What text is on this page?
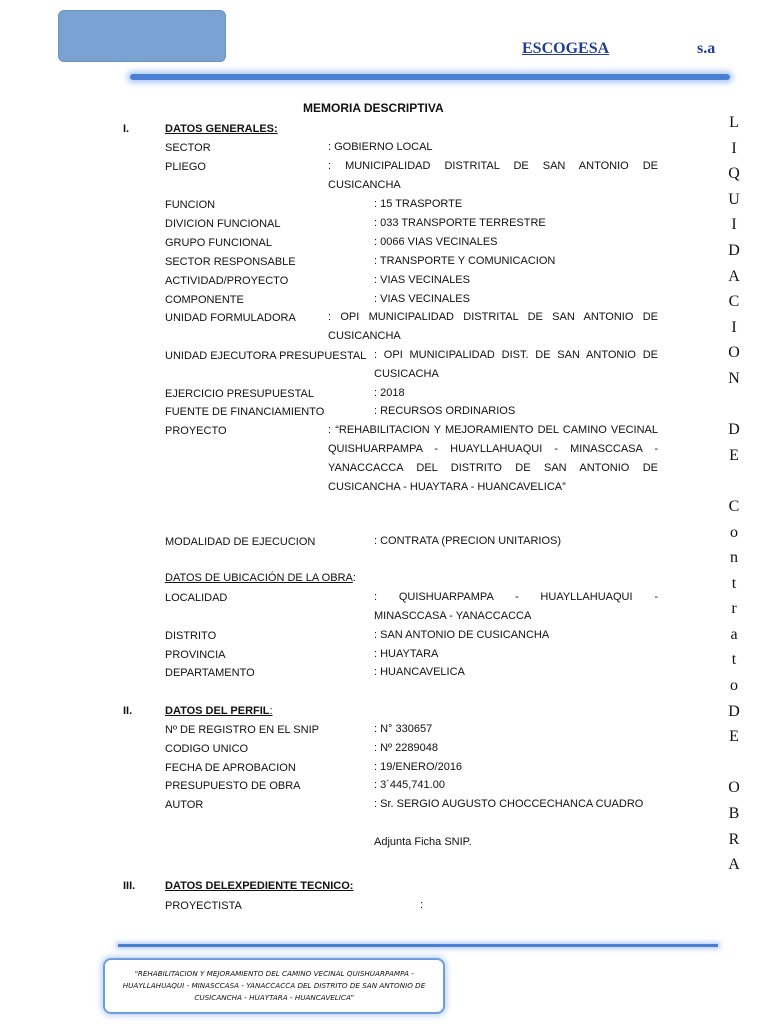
ESCOGESA	s.a
L
I
Q
U
I
D
A
C
I
O
N
D
E
C
o
n
t
r
a
t
o
D
E
O
B
R
A
MEMORIA DESCRIPTIVA
I.	DATOS GENERALES:
SECTOR	: GOBIERNO LOCAL
PLIEGO	: MUNICIPALIDAD DISTRITAL DE SAN ANTONIO DE CUSICANCHA
FUNCION	: 15 TRASPORTE
DIVICION FUNCIONAL	: 033 TRANSPORTE TERRESTRE
GRUPO FUNCIONAL	: 0066 VIAS VECINALES
SECTOR RESPONSABLE	: TRANSPORTE Y COMUNICACION
ACTIVIDAD/PROYECTO	: VIAS VECINALES
COMPONENTE	: VIAS VECINALES
UNIDAD FORMULADORA	: OPI MUNICIPALIDAD DISTRITAL DE SAN ANTONIO DE CUSICANCHA
UNIDAD EJECUTORA PRESUPUESTAL : OPI MUNICIPALIDAD DIST. DE SAN ANTONIO DE CUSICACHA
EJERCICIO PRESUPUESTAL	: 2018
FUENTE DE FINANCIAMIENTO	: RECURSOS ORDINARIOS
PROYECTO	: “REHABILITACION Y MEJORAMIENTO DEL CAMINO VECINAL QUISHUARPAMPA - HUAYLLAHUAQUI - MINASCCASA - YANACCACCA DEL DISTRITO DE SAN ANTONIO DE CUSICANCHA - HUAYTARA - HUANCAVELICA”
MODALIDAD DE EJECUCION	: CONTRATA (PRECION UNITARIOS)
DATOS DE UBICACIÓN DE LA OBRA:
LOCALIDAD	: QUISHUARPAMPA - HUAYLLAHUAQUI - MINASCCASA - YANACCACCA
DISTRITO	: SAN ANTONIO DE CUSICANCHA
PROVINCIA	: HUAYTARA
DEPARTAMENTO	: HUANCAVELICA
II.	DATOS DEL PERFIL:
Nº DE REGISTRO EN EL SNIP	: N° 330657
CODIGO UNICO	: Nº 2289048
FECHA DE APROBACION	: 19/ENERO/2016
PRESUPUESTO DE OBRA	: 3´445,741.00
AUTOR	: Sr. SERGIO AUGUSTO CHOCCECHANCA CUADRO
Adjunta Ficha SNIP.
III.	DATOS DELEXPEDIENTE TECNICO:
PROYECTISTA	:
“REHABILITACION Y MEJORAMIENTO DEL CAMINO VECINAL QUISHUARPAMPA -
HUAYLLAHUAQUI - MINASCCASA - YANACCACCA DEL DISTRITO DE SAN ANTONIO DE
CUSICANCHA - HUAYTARA - HUANCAVELICA”
